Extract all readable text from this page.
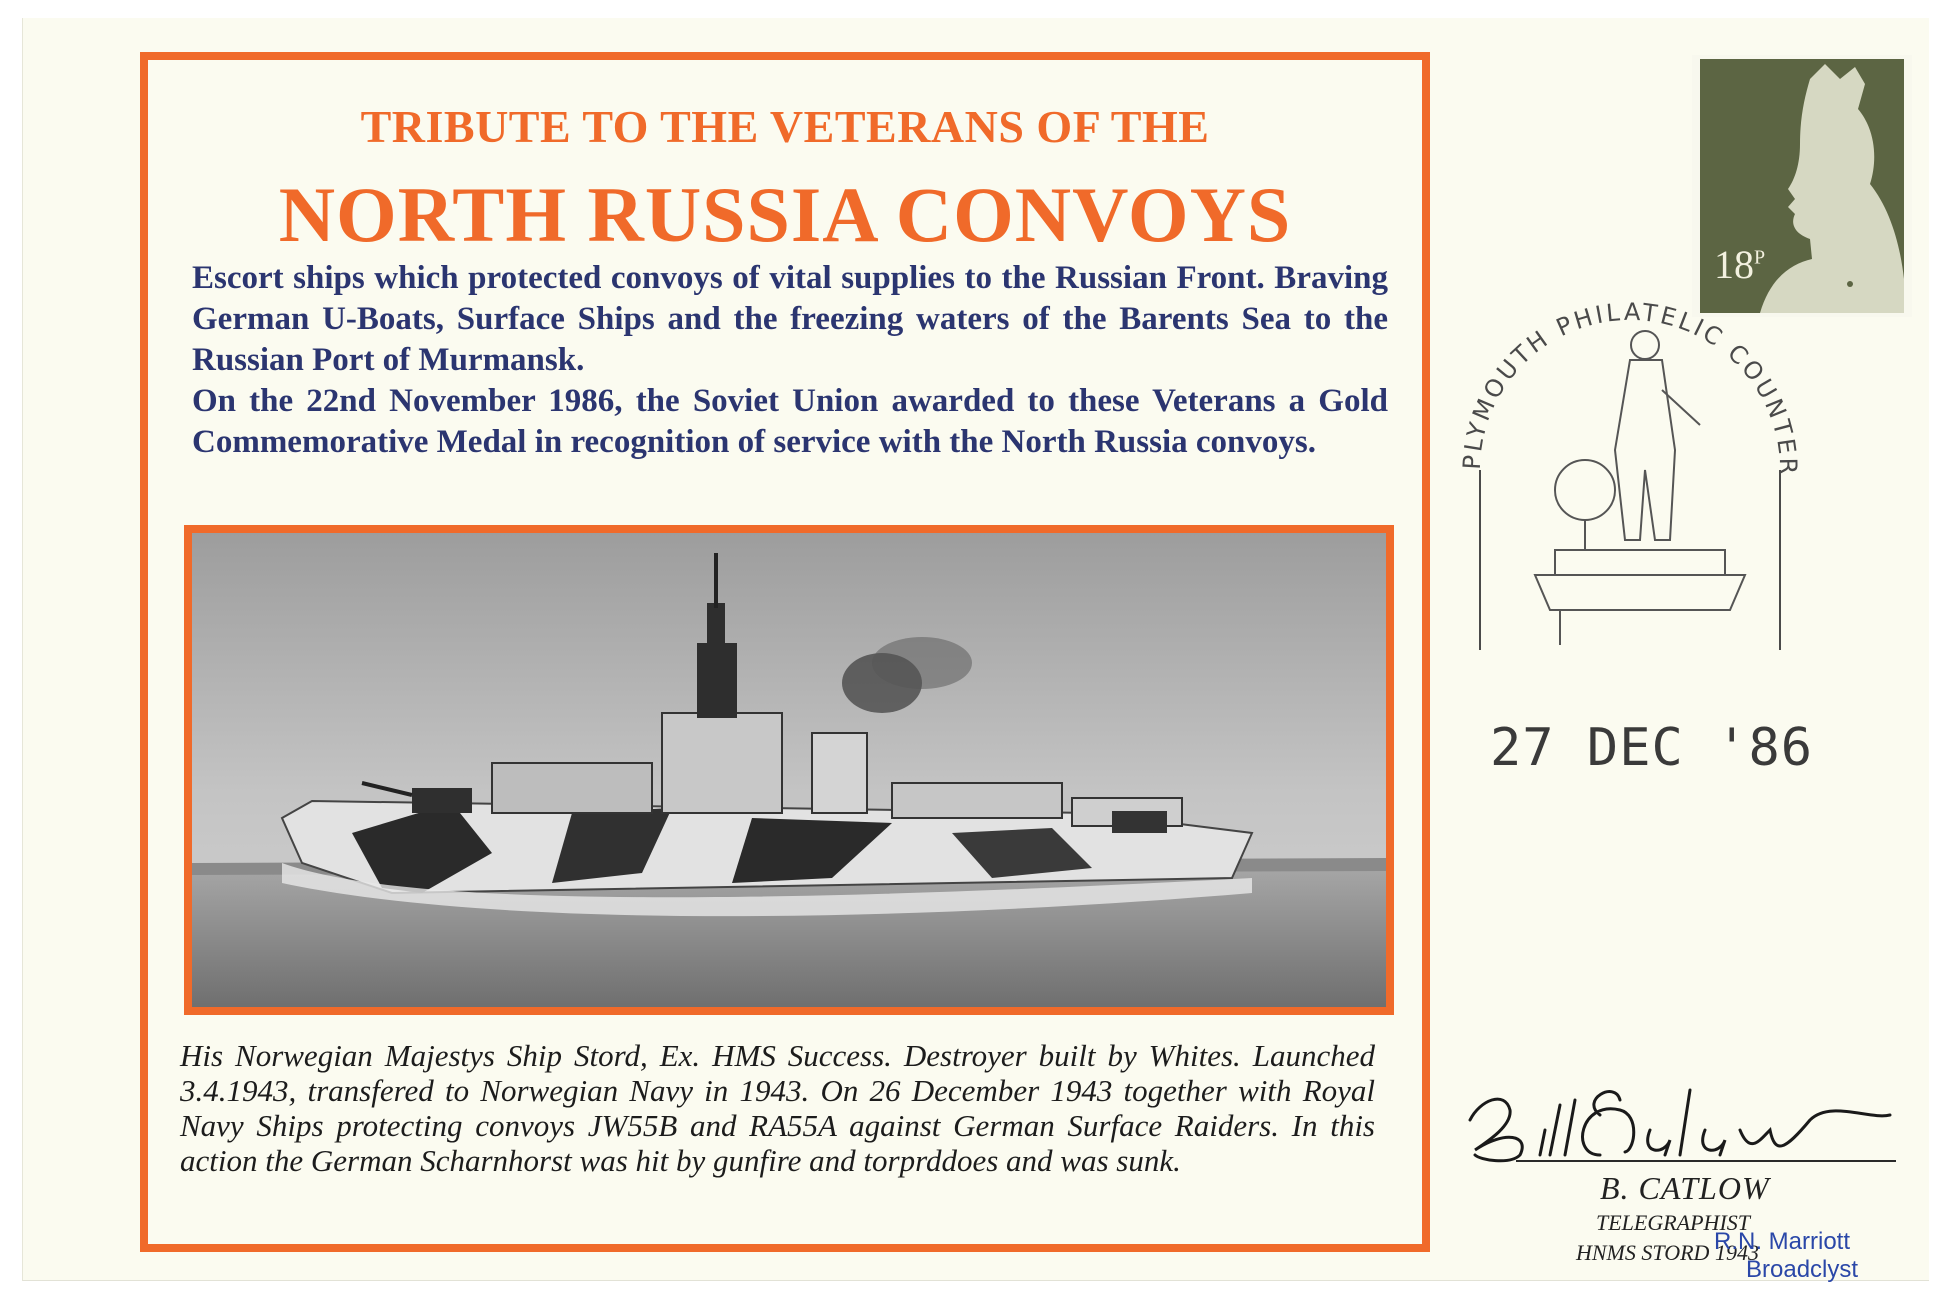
TRIBUTE TO THE VETERANS OF THE
NORTH RUSSIA CONVOYS

Escort ships which protected convoys of vital supplies to the Russian Front. Braving German U-Boats, Surface Ships and the freezing waters of the Barents Sea to the Russian Port of Murmansk.

On the 22nd November 1986, the Soviet Union awarded to these Veterans a Gold Commemorative Medal in recognition of service with the North Russia convoys.

His Norwegian Majestys Ship Stord, Ex. HMS Success. Destroyer built by Whites. Launched 3.4.1943, transfered to Norwegian Navy in 1943. On 26 December 1943 together with Royal Navy Ships protecting convoys JW55B and RA55A against German Surface Raiders. In this action the German Scharnhorst was hit by gunfire and torprddoes and was sunk.

$18^P$
PLYMOUTH PHILATELIC COUNTER
27 DEC '86
B. CATLOW
TELEGRAPHIST
HNMS STORD 1943
R.N. Marriott
Broadclyst
